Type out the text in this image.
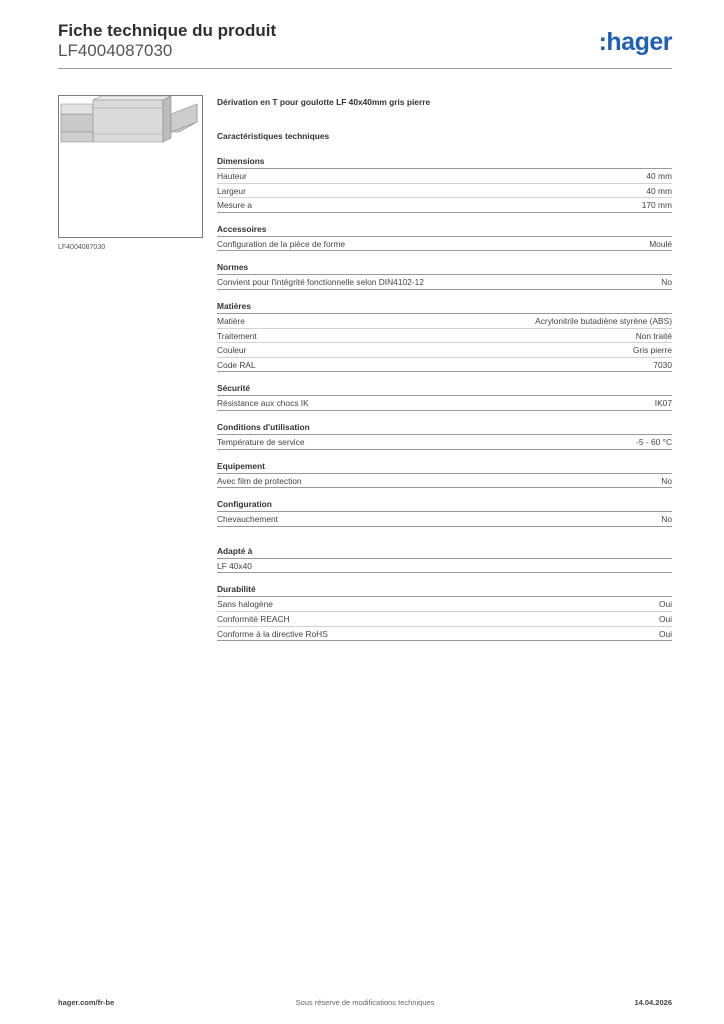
Fiche technique du produit
LF4004087030	:hager
LF4004087030
Dérivation en T pour goulotte LF 40x40mm gris pierre
Caractéristiques techniques
Dimensions
Hauteur	40 mm
Largeur	40 mm
Mesure a	170 mm
Accessoires
Configuration de la pièce de forme	Moulé
Normes
Convient pour l'intégrité fonctionnelle selon DIN4102-12	No
Matières
Matière	Acrylonitrile butadiène styrène (ABS)
Traitement	Non traité
Couleur	Gris pierre
Code RAL	7030
Sécurité
Résistance aux chocs IK	IK07
Conditions d'utilisation
Température de service	-5 - 60 °C
Equipement
Avec film de protection	No
Configuration
Chevauchement	No
Adapté à
LF 40x40
Durabilité
Sans halogène	Oui
Conformité REACH	Oui
Conforme à la directive RoHS	Oui
hager.com/fr-be	Sous réserve de modifications techniques	14.04.2026
